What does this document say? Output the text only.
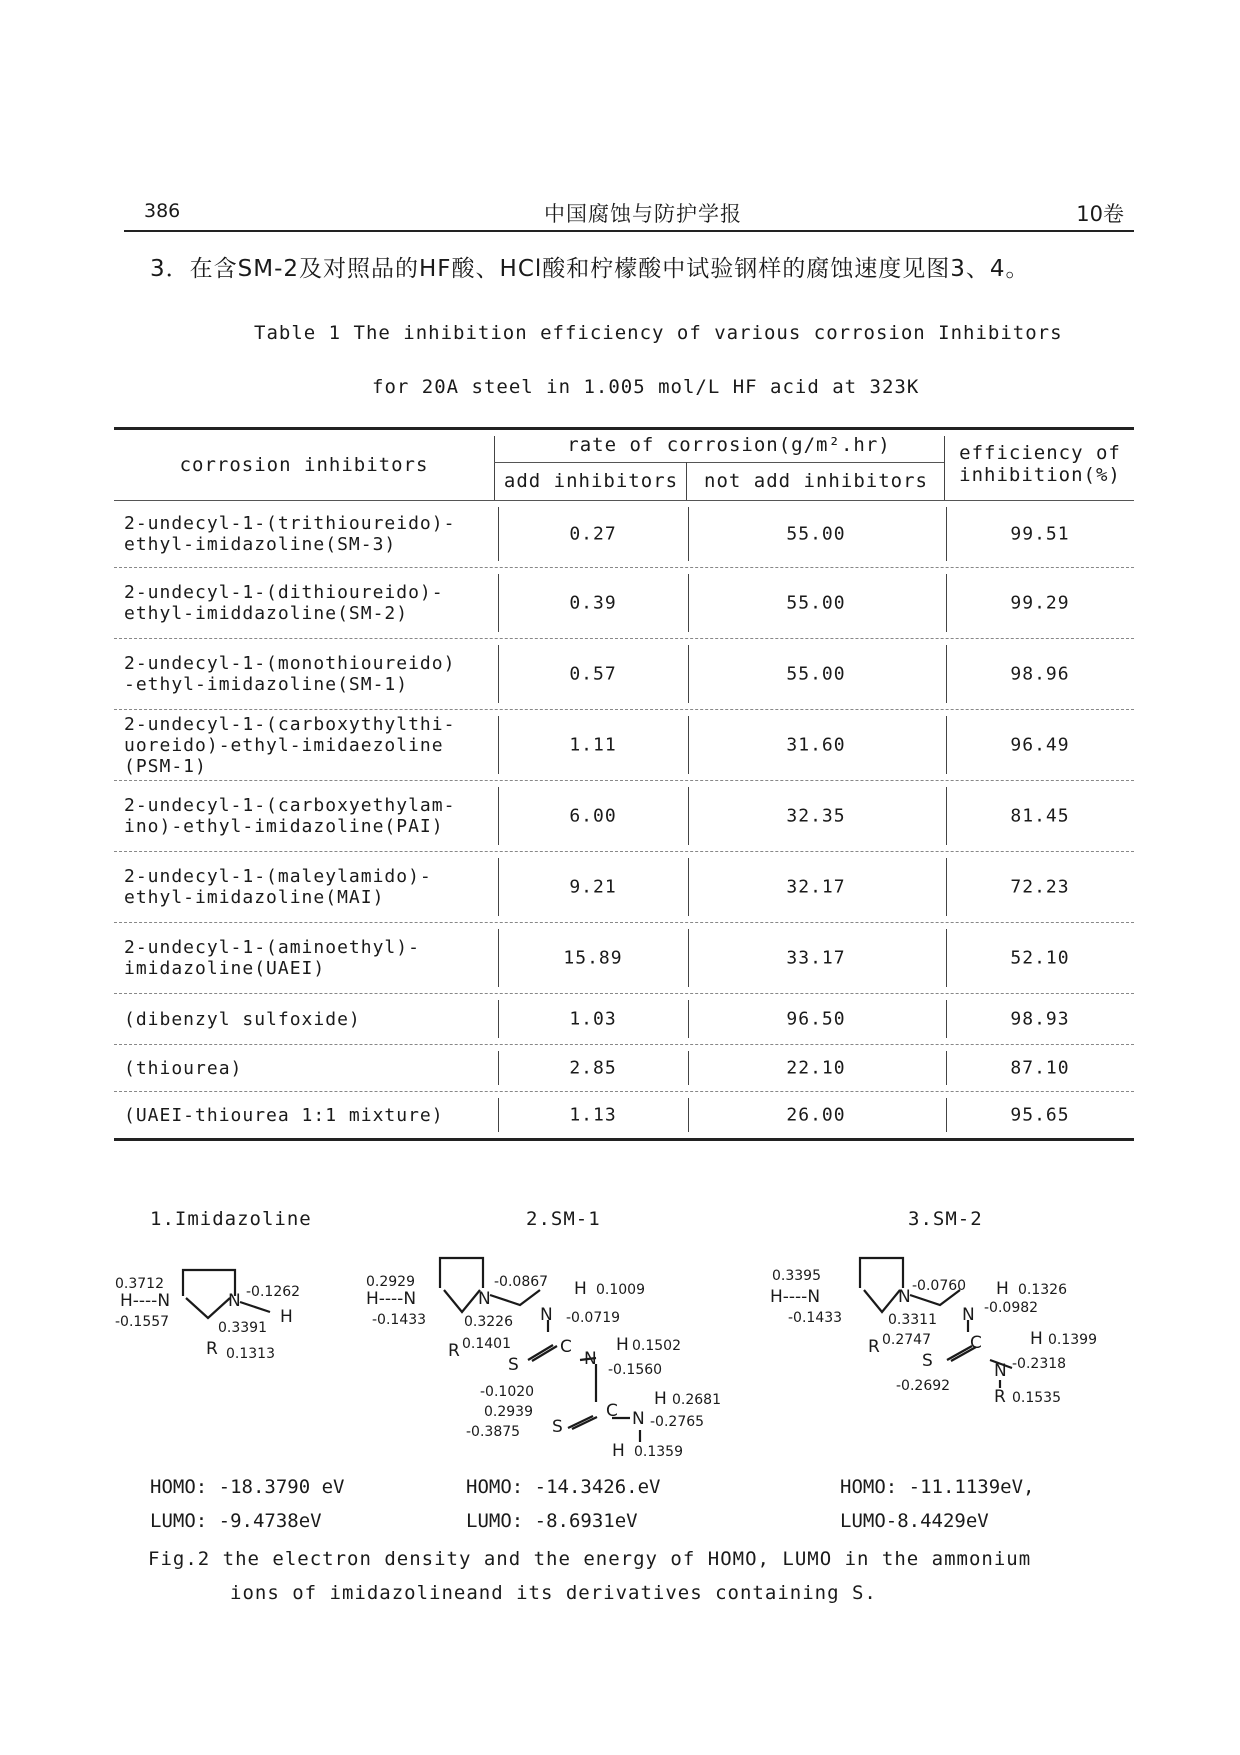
386	中国腐蚀与防护学报	10卷
3．在含SM-2及对照品的HF酸、HCl酸和柠檬酸中试验钢样的腐蚀速度见图3、4。
Table 1 The inhibition efficiency of various corrosion Inhibitors
for 20A steel in 1.005 mol/L HF acid at 323K
corrosion inhibitors
rate of corrosion(g/m².hr)
add inhibitors	not add inhibitors
efficiency of
inhibition(%)
2-undecyl-1-(trithioureido)-
ethyl-imidazoline(SM-3)	0.27	55.00	99.51
2-undecyl-1-(dithioureido)-
ethyl-imiddazoline(SM-2)	0.39	55.00	99.29
2-undecyl-1-(monothioureido)
-ethyl-imidazoline(SM-1)	0.57	55.00	98.96
2-undecyl-1-(carboxythylthi-
uoreido)-ethyl-imidaezoline
(PSM-1)
1.11	31.60	96.49
2-undecyl-1-(carboxyethylam-
ino)-ethyl-imidazoline(PAI)	6.00	32.35	81.45
2-undecyl-1-(maleylamido)-
ethyl-imidazoline(MAI)	9.21	32.17	72.23
2-undecyl-1-(aminoethyl)-
imidazoline(UAEI)	15.89	33.17	52.10
(dibenzyl sulfoxide)	1.03	96.50	98.93
(thiourea)	2.85	22.10	87.10
(UAEI-thiourea 1:1 mixture)	1.13	26.00	95.65
1.Imidazoline	2.SM-1	3.SM-2
0.3712
H----N	N -0.1262
-0.1557	0.3391
H
R 0.1313
0.2929
H----N	N
-0.0867 H 0.1009
-0.1433	0.3226 N -0.0719
R 0.1401	C
N
H 0.1502
S	-0.1560
-0.1020	H 0.2681
0.2939	C N -0.2765
S
-0.3875
H 0.1359
0.3395
H----N	N
-0.0760 H 0.1326
-0.1433	0.3311 N -0.0982
R 0.2747 C	H 0.1399
S	N -0.2318
-0.2692
R 0.1535
HOMO: -18.3790 eV
LUMO: -9.4738eV
HOMO: -14.3426.eV
LUMO: -8.6931eV
HOMO: -11.1139eV,
LUMO-8.4429eV
Fig.2 the electron density and the energy of HOMO, LUMO in the ammonium
ions of imidazolineand its derivatives containing S.
